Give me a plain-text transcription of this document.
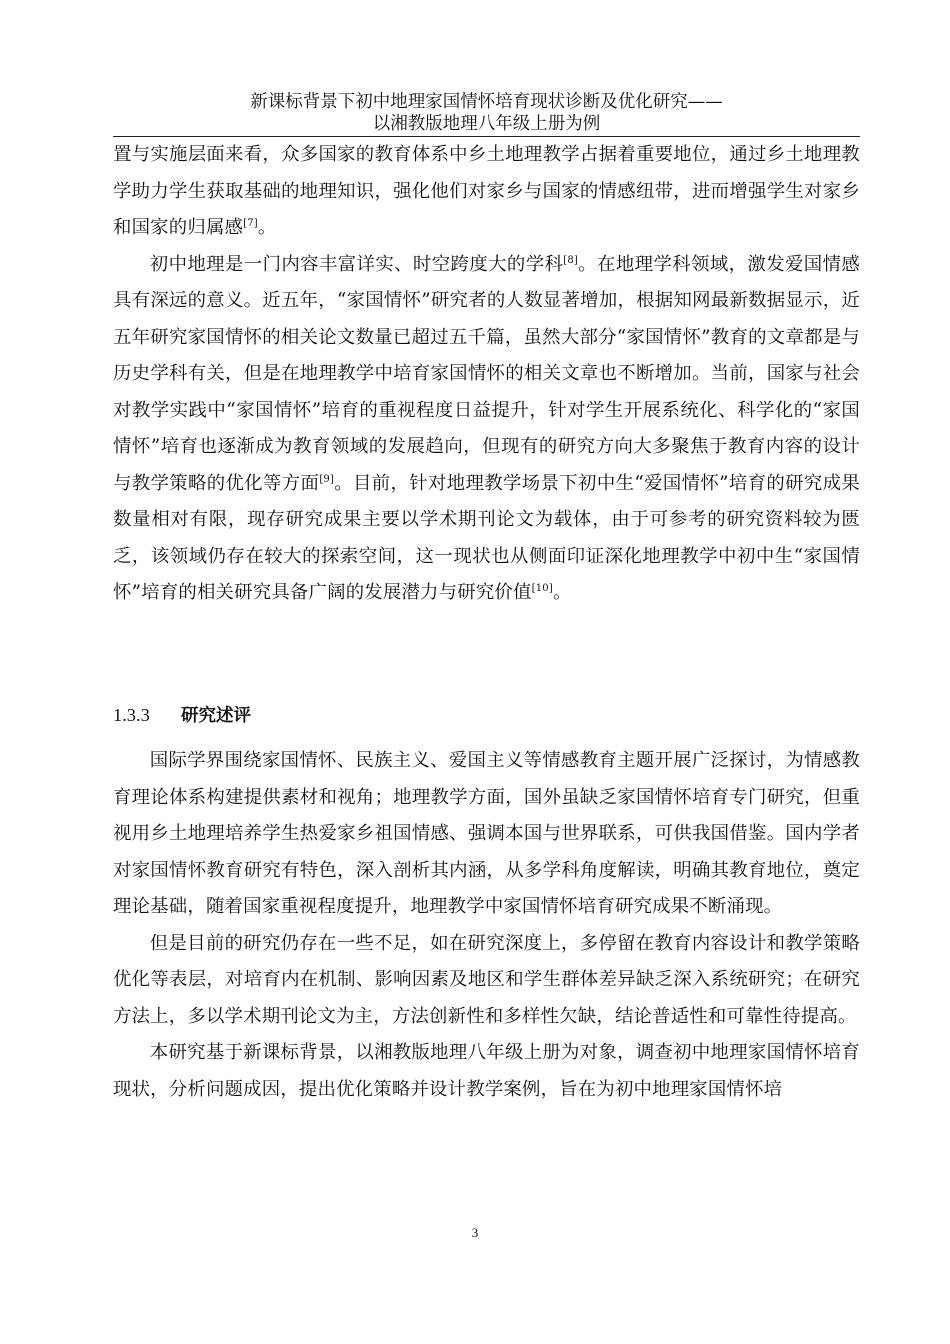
新课标背景下初中地理家国情怀培育现状诊断及优化研究——
以湘教版地理八年级上册为例

置与实施层面来看，众多国家的教育体系中乡土地理教学占据着重要地位，通过乡土地理教学助力学生获取基础的地理知识，强化他们对家乡与国家的情感纽带，进而增强学生对家乡和国家的归属感[7]。

初中地理是一门内容丰富详实、时空跨度大的学科[8]。在地理学科领域，激发爱国情感具有深远的意义。近五年，“家国情怀”研究者的人数显著增加，根据知网最新数据显示，近五年研究家国情怀的相关论文数量已超过五千篇，虽然大部分“家国情怀”教育的文章都是与历史学科有关，但是在地理教学中培育家国情怀的相关文章也不断增加。当前，国家与社会对教学实践中“家国情怀”培育的重视程度日益提升，针对学生开展系统化、科学化的“家国情怀”培育也逐渐成为教育领域的发展趋向，但现有的研究方向大多聚焦于教育内容的设计与教学策略的优化等方面[9]。目前，针对地理教学场景下初中生“爱国情怀”培育的研究成果数量相对有限，现存研究成果主要以学术期刊论文为载体，由于可参考的研究资料较为匮乏，该领域仍存在较大的探索空间，这一现状也从侧面印证深化地理教学中初中生“家国情怀”培育的相关研究具备广阔的发展潜力与研究价值[10]。

1.3.3 研究述评

国际学界围绕家国情怀、民族主义、爱国主义等情感教育主题开展广泛探讨，为情感教育理论体系构建提供素材和视角；地理教学方面，国外虽缺乏家国情怀培育专门研究，但重视用乡土地理培养学生热爱家乡祖国情感、强调本国与世界联系，可供我国借鉴。国内学者对家国情怀教育研究有特色，深入剖析其内涵，从多学科角度解读，明确其教育地位，奠定理论基础，随着国家重视程度提升，地理教学中家国情怀培育研究成果不断涌现。

但是目前的研究仍存在一些不足，如在研究深度上，多停留在教育内容设计和教学策略优化等表层，对培育内在机制、影响因素及地区和学生群体差异缺乏深入系统研究；在研究方法上，多以学术期刊论文为主，方法创新性和多样性欠缺，结论普适性和可靠性待提高。

本研究基于新课标背景，以湘教版地理八年级上册为对象，调查初中地理家国情怀培育现状，分析问题成因，提出优化策略并设计教学案例，旨在为初中地理家国情怀培

3
